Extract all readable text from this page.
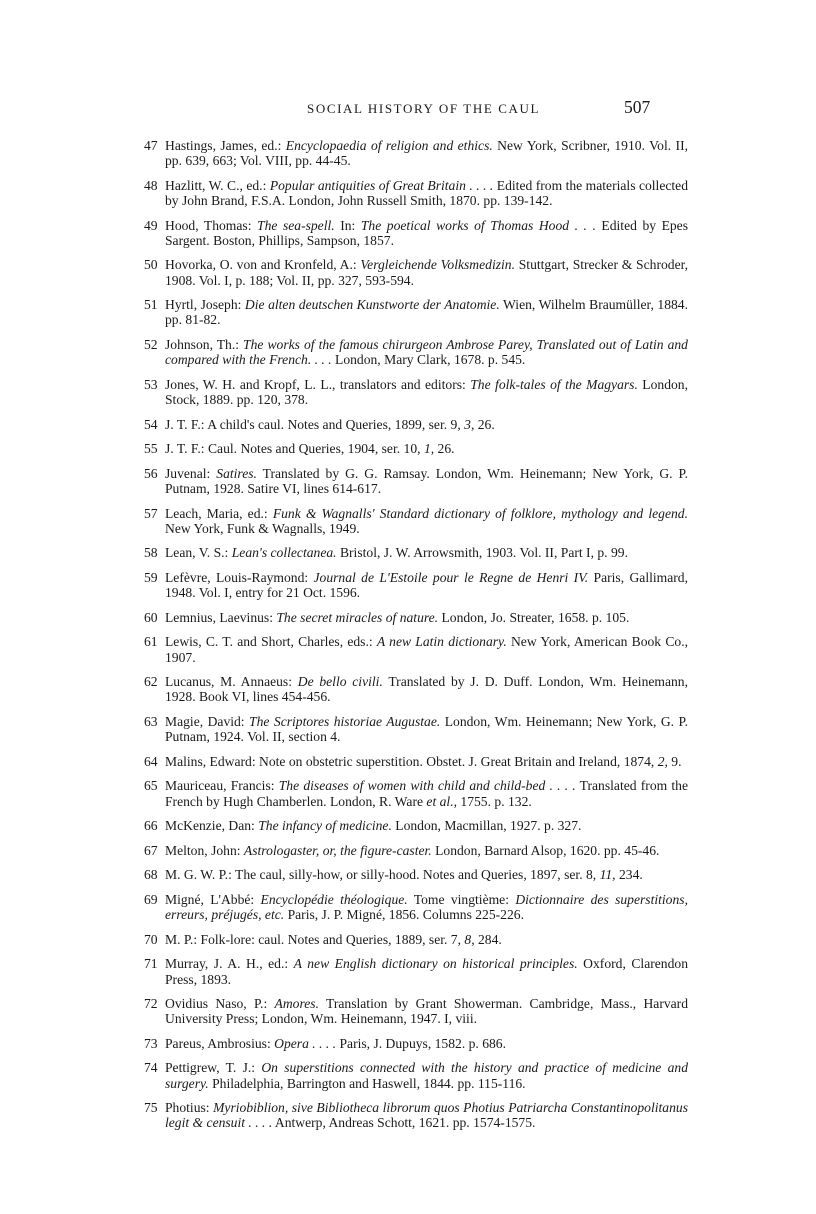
SOCIAL HISTORY OF THE CAUL	507
47 Hastings, James, ed.: Encyclopaedia of religion and ethics. New York, Scribner, 1910. Vol. II, pp. 639, 663; Vol. VIII, pp. 44-45.
48 Hazlitt, W. C., ed.: Popular antiquities of Great Britain . . . . Edited from the materials collected by John Brand, F.S.A. London, John Russell Smith, 1870. pp. 139-142.
49 Hood, Thomas: The sea-spell. In: The poetical works of Thomas Hood . . . Edited by Epes Sargent. Boston, Phillips, Sampson, 1857.
50 Hovorka, O. von and Kronfeld, A.: Vergleichende Volksmedizin. Stuttgart, Strecker & Schroder, 1908. Vol. I, p. 188; Vol. II, pp. 327, 593-594.
51 Hyrtl, Joseph: Die alten deutschen Kunstworte der Anatomie. Wien, Wilhelm Braumüller, 1884. pp. 81-82.
52 Johnson, Th.: The works of the famous chirurgeon Ambrose Parey, Translated out of Latin and compared with the French. . . . London, Mary Clark, 1678. p. 545.
53 Jones, W. H. and Kropf, L. L., translators and editors: The folk-tales of the Magyars. London, Stock, 1889. pp. 120, 378.
54 J. T. F.: A child's caul. Notes and Queries, 1899, ser. 9, 3, 26.
55 J. T. F.: Caul. Notes and Queries, 1904, ser. 10, 1, 26.
56 Juvenal: Satires. Translated by G. G. Ramsay. London, Wm. Heinemann; New York, G. P. Putnam, 1928. Satire VI, lines 614-617.
57 Leach, Maria, ed.: Funk & Wagnalls' Standard dictionary of folklore, mythology and legend. New York, Funk & Wagnalls, 1949.
58 Lean, V. S.: Lean's collectanea. Bristol, J. W. Arrowsmith, 1903. Vol. II, Part I, p. 99.
59 Lefèvre, Louis-Raymond: Journal de L'Estoile pour le Regne de Henri IV. Paris, Gallimard, 1948. Vol. I, entry for 21 Oct. 1596.
60 Lemnius, Laevinus: The secret miracles of nature. London, Jo. Streater, 1658. p. 105.
61 Lewis, C. T. and Short, Charles, eds.: A new Latin dictionary. New York, American Book Co., 1907.
62 Lucanus, M. Annaeus: De bello civili. Translated by J. D. Duff. London, Wm. Heinemann, 1928. Book VI, lines 454-456.
63 Magie, David: The Scriptores historiae Augustae. London, Wm. Heinemann; New York, G. P. Putnam, 1924. Vol. II, section 4.
64 Malins, Edward: Note on obstetric superstition. Obstet. J. Great Britain and Ireland, 1874, 2, 9.
65 Mauriceau, Francis: The diseases of women with child and child-bed . . . . Translated from the French by Hugh Chamberlen. London, R. Ware et al., 1755. p. 132.
66 McKenzie, Dan: The infancy of medicine. London, Macmillan, 1927. p. 327.
67 Melton, John: Astrologaster, or, the figure-caster. London, Barnard Alsop, 1620. pp. 45-46.
68 M. G. W. P.: The caul, silly-how, or silly-hood. Notes and Queries, 1897, ser. 8, 11, 234.
69 Migné, L'Abbé: Encyclopédie théologique. Tome vingtième: Dictionnaire des superstitions, erreurs, préjugés, etc. Paris, J. P. Migné, 1856. Columns 225-226.
70 M. P.: Folk-lore: caul. Notes and Queries, 1889, ser. 7, 8, 284.
71 Murray, J. A. H., ed.: A new English dictionary on historical principles. Oxford, Clarendon Press, 1893.
72 Ovidius Naso, P.: Amores. Translation by Grant Showerman. Cambridge, Mass., Harvard University Press; London, Wm. Heinemann, 1947. I, viii.
73 Pareus, Ambrosius: Opera . . . . Paris, J. Dupuys, 1582. p. 686.
74 Pettigrew, T. J.: On superstitions connected with the history and practice of medicine and surgery. Philadelphia, Barrington and Haswell, 1844. pp. 115-116.
75 Photius: Myriobiblion, sive Bibliotheca librorum quos Photius Patriarcha Constantinopolitanus legit & censuit . . . . Antwerp, Andreas Schott, 1621. pp. 1574-1575.
